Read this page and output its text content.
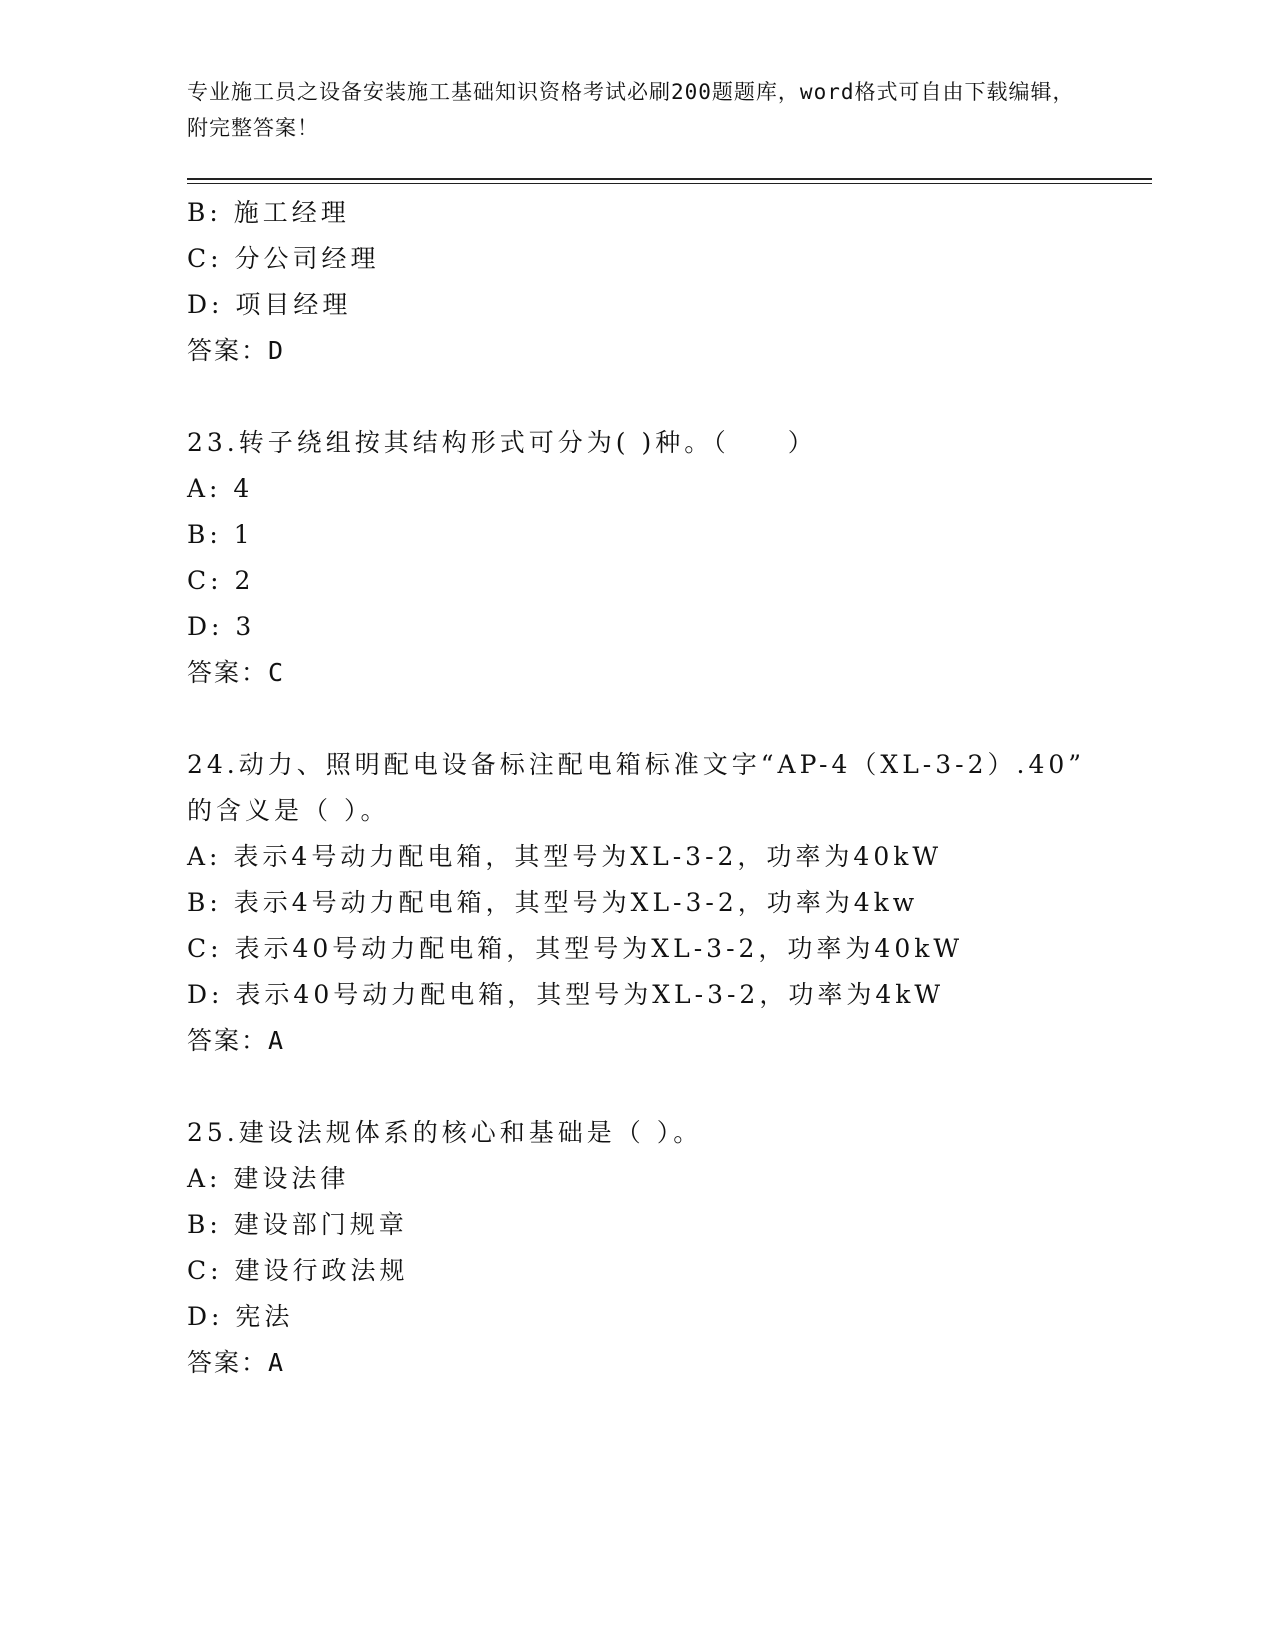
专业施工员之设备安装施工基础知识资格考试必刷200题题库，word格式可自由下载编辑，附完整答案！
B: 施工经理
C: 分公司经理
D: 项目经理
答案：D
23.转子绕组按其结构形式可分为( )种。（　　）
A: 4
B: 1
C: 2
D: 3
答案：C
24.动力、照明配电设备标注配电箱标准文字“AP-4（XL-3-2）.40”
的含义是（ ）。
A: 表示4号动力配电箱，其型号为XL-3-2，功率为40kW
B: 表示4号动力配电箱，其型号为XL-3-2，功率为4kw
C: 表示40号动力配电箱，其型号为XL-3-2，功率为40kW
D: 表示40号动力配电箱，其型号为XL-3-2，功率为4kW
答案：A
25.建设法规体系的核心和基础是（ ）。
A: 建设法律
B: 建设部门规章
C: 建设行政法规
D: 宪法
答案：A
